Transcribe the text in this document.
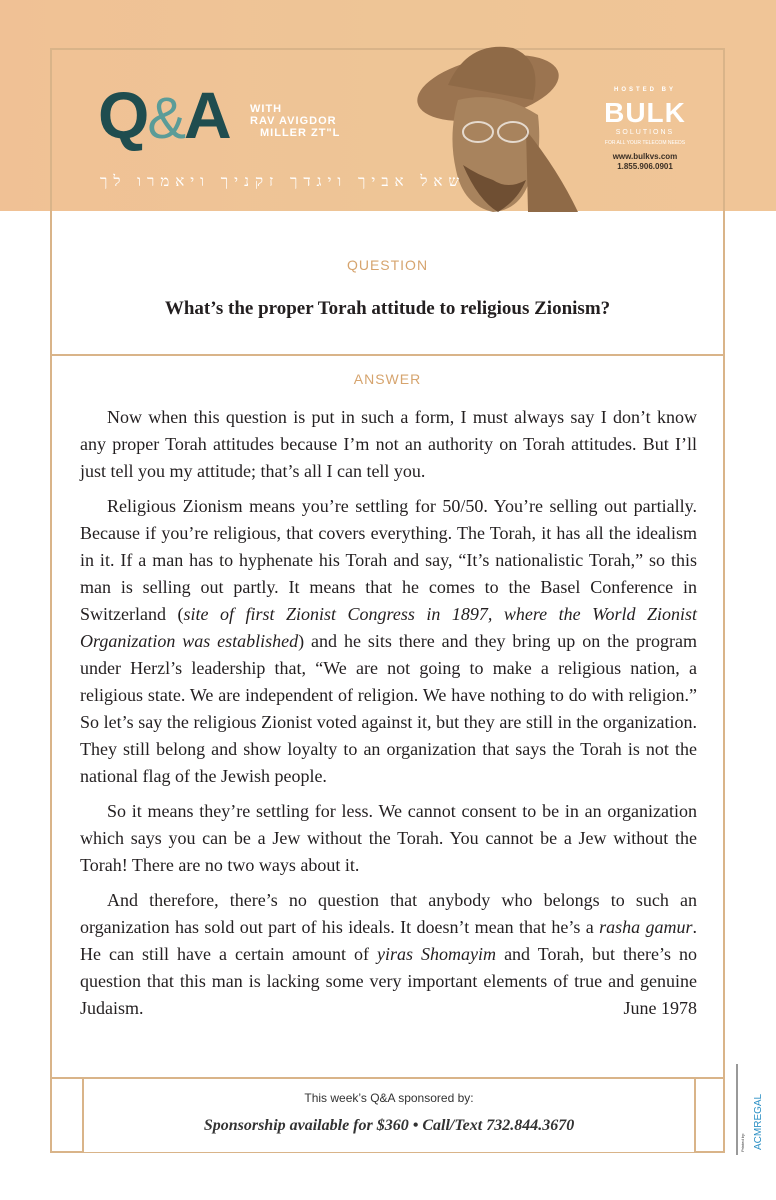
Q&A WITH
RAV AVIGDOR
MILLER ZT"L
שאל אביך ויגדך זקניך ויאמרו לך
HOSTED BY
BULK
SOLUTIONS
FOR ALL YOUR TELECOM NEEDS
www.bulkvs.com
1.855.906.0901
QUESTION
What’s the proper Torah attitude to religious Zionism?
ANSWER

Now when this question is put in such a form, I must always say I don’t know any proper Torah attitudes because I’m not an authority on Torah attitudes. But I’ll just tell you my attitude; that’s all I can tell you.

Religious Zionism means you’re settling for 50/50. You’re selling out partially. Because if you’re religious, that covers everything. The Torah, it has all the idealism in it. If a man has to hyphenate his Torah and say, “It’s nationalistic Torah,” so this man is selling out partly. It means that he comes to the Basel Conference in Switzerland (site of first Zionist Congress in 1897, where the World Zionist Organization was established) and he sits there and they bring up on the program under Herzl’s leadership that, “We are not going to make a religious nation, a religious state. We are independent of religion. We have nothing to do with religion.” So let’s say the religious Zionist voted against it, but they are still in the organization. They still belong and show loyalty to an organization that says the Torah is not the national flag of the Jewish people.

So it means they’re settling for less. We cannot consent to be in an organization which says you can be a Jew without the Torah. You cannot be a Jew without the Torah! There are no two ways about it.

And therefore, there’s no question that anybody who belongs to such an organization has sold out part of his ideals. It doesn’t mean that he’s a rasha gamur. He can still have a certain amount of yiras Shomayim and Torah, but there’s no question that this man is lacking some very important elements of true and genuine Judaism.	June 1978

This week’s Q&A sponsored by:
Sponsorship available for $360 • Call/Text 732.844.3670
Printed by: ACMREGAL
